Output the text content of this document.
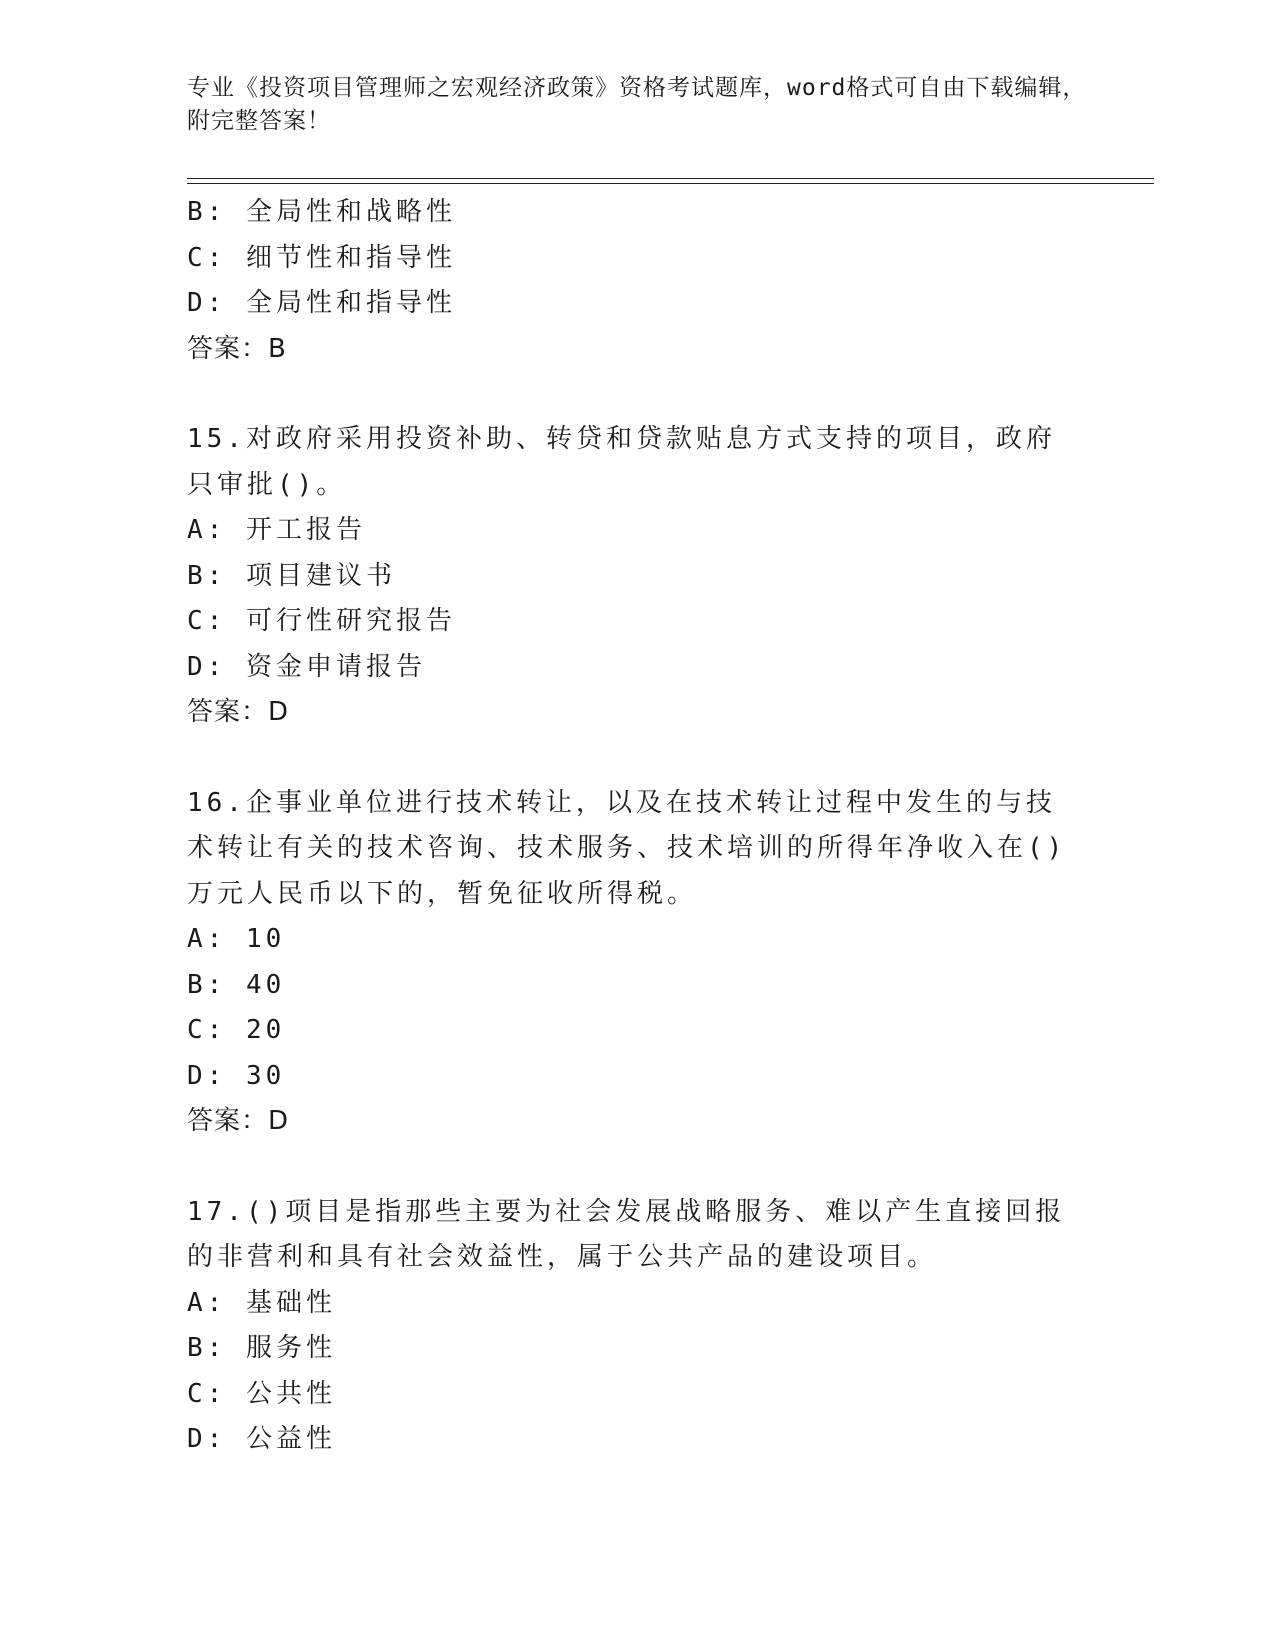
专业《投资项目管理师之宏观经济政策》资格考试题库，word格式可自由下载编辑，附完整答案！
B: 全局性和战略性
C: 细节性和指导性
D: 全局性和指导性
答案：B
15.对政府采用投资补助、转贷和贷款贴息方式支持的项目，政府只审批()。
A: 开工报告
B: 项目建议书
C: 可行性研究报告
D: 资金申请报告
答案：D
16.企事业单位进行技术转让，以及在技术转让过程中发生的与技术转让有关的技术咨询、技术服务、技术培训的所得年净收入在()万元人民币以下的，暂免征收所得税。
A: 10
B: 40
C: 20
D: 30
答案：D
17.()项目是指那些主要为社会发展战略服务、难以产生直接回报的非营利和具有社会效益性，属于公共产品的建设项目。
A: 基础性
B: 服务性
C: 公共性
D: 公益性
